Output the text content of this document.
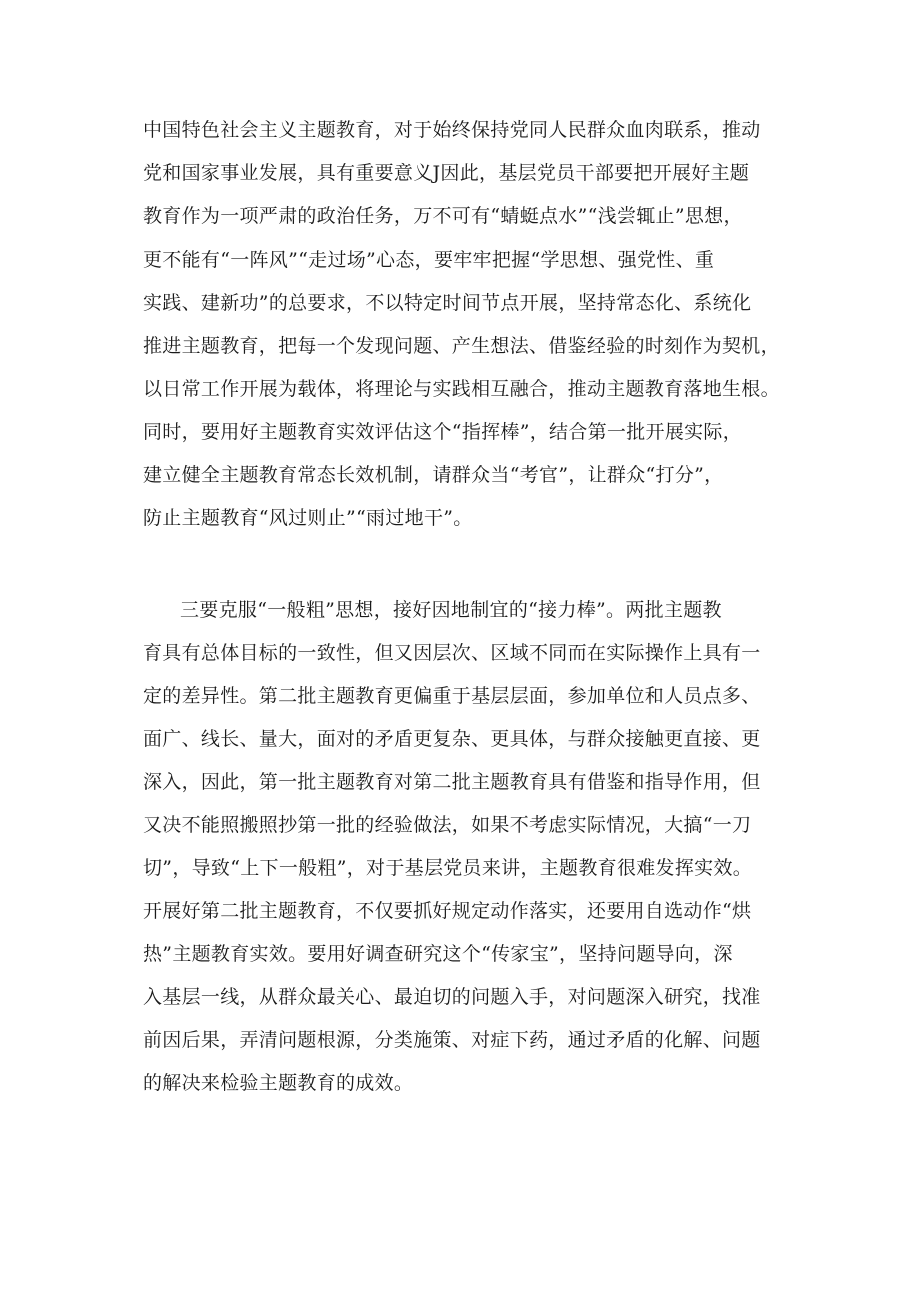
中国特色社会主义主题教育，对于始终保持党同人民群众血肉联系，推动
党和国家事业发展，具有重要意义J因此，基层党员干部要把开展好主题
教育作为一项严肃的政治任务，万不可有“蜻蜓点水”“浅尝辄止”思想，
更不能有“一阵风”“走过场”心态，要牢牢把握“学思想、强党性、重
实践、建新功”的总要求，不以特定时间节点开展，坚持常态化、系统化
推进主题教育，把每一个发现问题、产生想法、借鉴经验的时刻作为契机，
以日常工作开展为载体，将理论与实践相互融合，推动主题教育落地生根。
同时，要用好主题教育实效评估这个“指挥棒”，结合第一批开展实际，
建立健全主题教育常态长效机制，请群众当“考官”，让群众“打分”，
防止主题教育“风过则止”“雨过地干”。
三要克服“一般粗”思想，接好因地制宜的“接力棒”。两批主题教
育具有总体目标的一致性，但又因层次、区域不同而在实际操作上具有一
定的差异性。第二批主题教育更偏重于基层层面，参加单位和人员点多、
面广、线长、量大，面对的矛盾更复杂、更具体，与群众接触更直接、更
深入，因此，第一批主题教育对第二批主题教育具有借鉴和指导作用，但
又决不能照搬照抄第一批的经验做法，如果不考虑实际情况，大搞“一刀
切”，导致“上下一般粗”，对于基层党员来讲，主题教育很难发挥实效。
开展好第二批主题教育，不仅要抓好规定动作落实，还要用自选动作“烘
热”主题教育实效。要用好调查研究这个“传家宝”，坚持问题导向，深
入基层一线，从群众最关心、最迫切的问题入手，对问题深入研究，找准
前因后果，弄清问题根源，分类施策、对症下药，通过矛盾的化解、问题
的解决来检验主题教育的成效。
